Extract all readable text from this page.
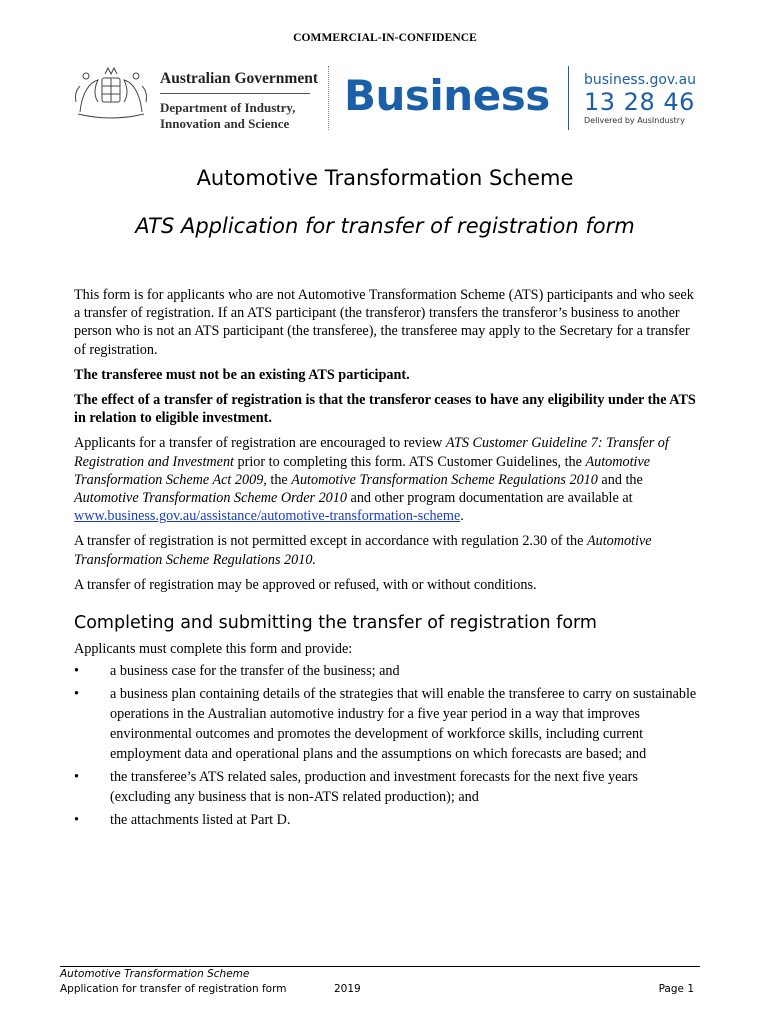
COMMERCIAL-IN-CONFIDENCE
Australian Government
Department of Industry,
Innovation and Science
Business business.gov.au
13 28 46
Delivered by AusIndustry
Automotive Transformation Scheme
ATS Application for transfer of registration form

This form is for applicants who are not Automotive Transformation Scheme (ATS) participants and who seek a transfer of registration. If an ATS participant (the transferor) transfers the transferor’s business to another person who is not an ATS participant (the transferee), the transferee may apply to the Secretary for a transfer of registration.

The transferee must not be an existing ATS participant.

The effect of a transfer of registration is that the transferor ceases to have any eligibility under the ATS in relation to eligible investment.

Applicants for a transfer of registration are encouraged to review ATS Customer Guideline 7: Transfer of Registration and Investment prior to completing this form. ATS Customer Guidelines, the Automotive Transformation Scheme Act 2009, the Automotive Transformation Scheme Regulations 2010 and the Automotive Transformation Scheme Order 2010 and other program documentation are available at www.business.gov.au/assistance/automotive-transformation-scheme.

A transfer of registration is not permitted except in accordance with regulation 2.30 of the Automotive Transformation Scheme Regulations 2010.

A transfer of registration may be approved or refused, with or without conditions.

Completing and submitting the transfer of registration form

Applicants must complete this form and provide:

• a business case for the transfer of the business; and
• a business plan containing details of the strategies that will enable the transferee to carry on sustainable operations in the Australian automotive industry for a five year period in a way that improves environmental outcomes and promotes the development of workforce skills, including current employment data and operational plans and the assumptions on which forecasts are based; and
• the transferee’s ATS related sales, production and investment forecasts for the next five years (excluding any business that is non-ATS related production); and
• the attachments listed at Part D.
Automotive Transformation Scheme
Application for transfer of registration form	2019	Page 1
